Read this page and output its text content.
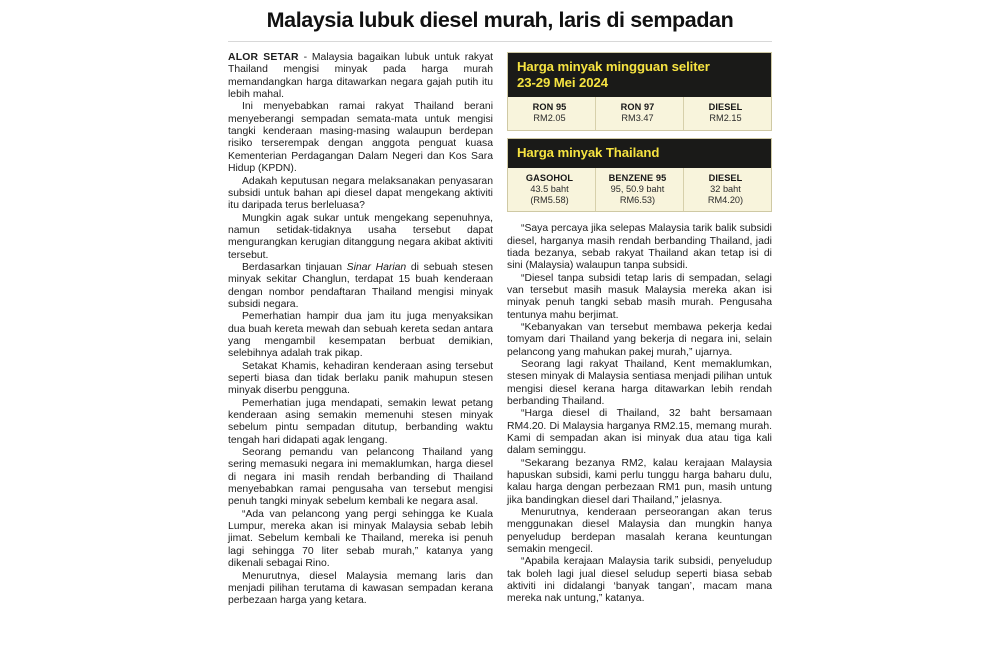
Malaysia lubuk diesel murah, laris di sempadan

ALOR SETAR - Malaysia bagaikan lubuk untuk rakyat Thailand mengisi minyak pada harga murah memandangkan harga ditawarkan negara gajah putih itu lebih mahal.

Ini menyebabkan ramai rakyat Thailand berani menyeberangi sempadan semata-mata untuk mengisi tangki kenderaan masing-masing walaupun berdepan risiko terserempak dengan anggota penguat kuasa Kementerian Perdagangan Dalam Negeri dan Kos Sara Hidup (KPDN).

Adakah keputusan negara melaksanakan penyasaran subsidi untuk bahan api diesel dapat mengekang aktiviti itu daripada terus berleluasa?

Mungkin agak sukar untuk mengekang sepenuhnya, namun setidak-tidaknya usaha tersebut dapat mengurangkan kerugian ditanggung negara akibat aktiviti tersebut.

Berdasarkan tinjauan Sinar Harian di sebuah stesen minyak sekitar Changlun, terdapat 15 buah kenderaan dengan nombor pendaftaran Thailand mengisi minyak subsidi negara.

Pemerhatian hampir dua jam itu juga menyaksikan dua buah kereta mewah dan sebuah kereta sedan antara yang mengambil kesempatan berbuat demikian, selebihnya adalah trak pikap.

Setakat Khamis, kehadiran kenderaan asing tersebut seperti biasa dan tidak berlaku panik mahupun stesen minyak diserbu pengguna.

Pemerhatian juga mendapati, semakin lewat petang kenderaan asing semakin memenuhi stesen minyak sebelum pintu sempadan ditutup, berbanding waktu tengah hari didapati agak lengang.

Seorang pemandu van pelancong Thailand yang sering memasuki negara ini memaklumkan, harga diesel di negara ini masih rendah berbanding di Thailand menyebabkan ramai pengusaha van tersebut mengisi penuh tangki minyak sebelum kembali ke negara asal.

“Ada van pelancong yang pergi sehingga ke Kuala Lumpur, mereka akan isi minyak Malaysia sebab lebih jimat. Sebelum kembali ke Thailand, mereka isi penuh lagi sehingga 70 liter sebab murah,” katanya yang dikenali sebagai Rino.

Menurutnya, diesel Malaysia memang laris dan menjadi pilihan terutama di kawasan sempadan kerana perbezaan harga yang ketara.

Harga minyak mingguan seliter
23-29 Mei 2024
RON 95
RM2.05
RON 97
RM3.47
DIESEL
RM2.15
Harga minyak Thailand
GASOHOL
43.5 baht
(RM5.58)
BENZENE 95
95, 50.9 baht
RM6.53)
DIESEL
32 baht
RM4.20)

“Saya percaya jika selepas Malaysia tarik balik subsidi diesel, harganya masih rendah berbanding Thailand, jadi tiada bezanya, sebab rakyat Thailand akan tetap isi di sini (Malaysia) walaupun tanpa subsidi.

“Diesel tanpa subsidi tetap laris di sempadan, selagi van tersebut masih masuk Malaysia mereka akan isi minyak penuh tangki sebab masih murah. Pengusaha tentunya mahu berjimat.

“Kebanyakan van tersebut membawa pekerja kedai tomyam dari Thailand yang bekerja di negara ini, selain pelancong yang mahukan pakej murah,” ujarnya.

Seorang lagi rakyat Thailand, Kent memaklumkan, stesen minyak di Malaysia sentiasa menjadi pilihan untuk mengisi diesel kerana harga ditawarkan lebih rendah berbanding Thailand.

“Harga diesel di Thailand, 32 baht bersamaan RM4.20. Di Malaysia harganya RM2.15, memang murah. Kami di sempadan akan isi minyak dua atau tiga kali dalam seminggu.

“Sekarang bezanya RM2, kalau kerajaan Malaysia hapuskan subsidi, kami perlu tunggu harga baharu dulu, kalau harga dengan perbezaan RM1 pun, masih untung jika bandingkan diesel dari Thailand,” jelasnya.

Menurutnya, kenderaan perseorangan akan terus menggunakan diesel Malaysia dan mungkin hanya penyeludup berdepan masalah kerana keuntungan semakin mengecil.

“Apabila kerajaan Malaysia tarik subsidi, penyeludup tak boleh lagi jual diesel seludup seperti biasa sebab aktiviti ini didalangi ‘banyak tangan’, macam mana mereka nak untung,” katanya.
